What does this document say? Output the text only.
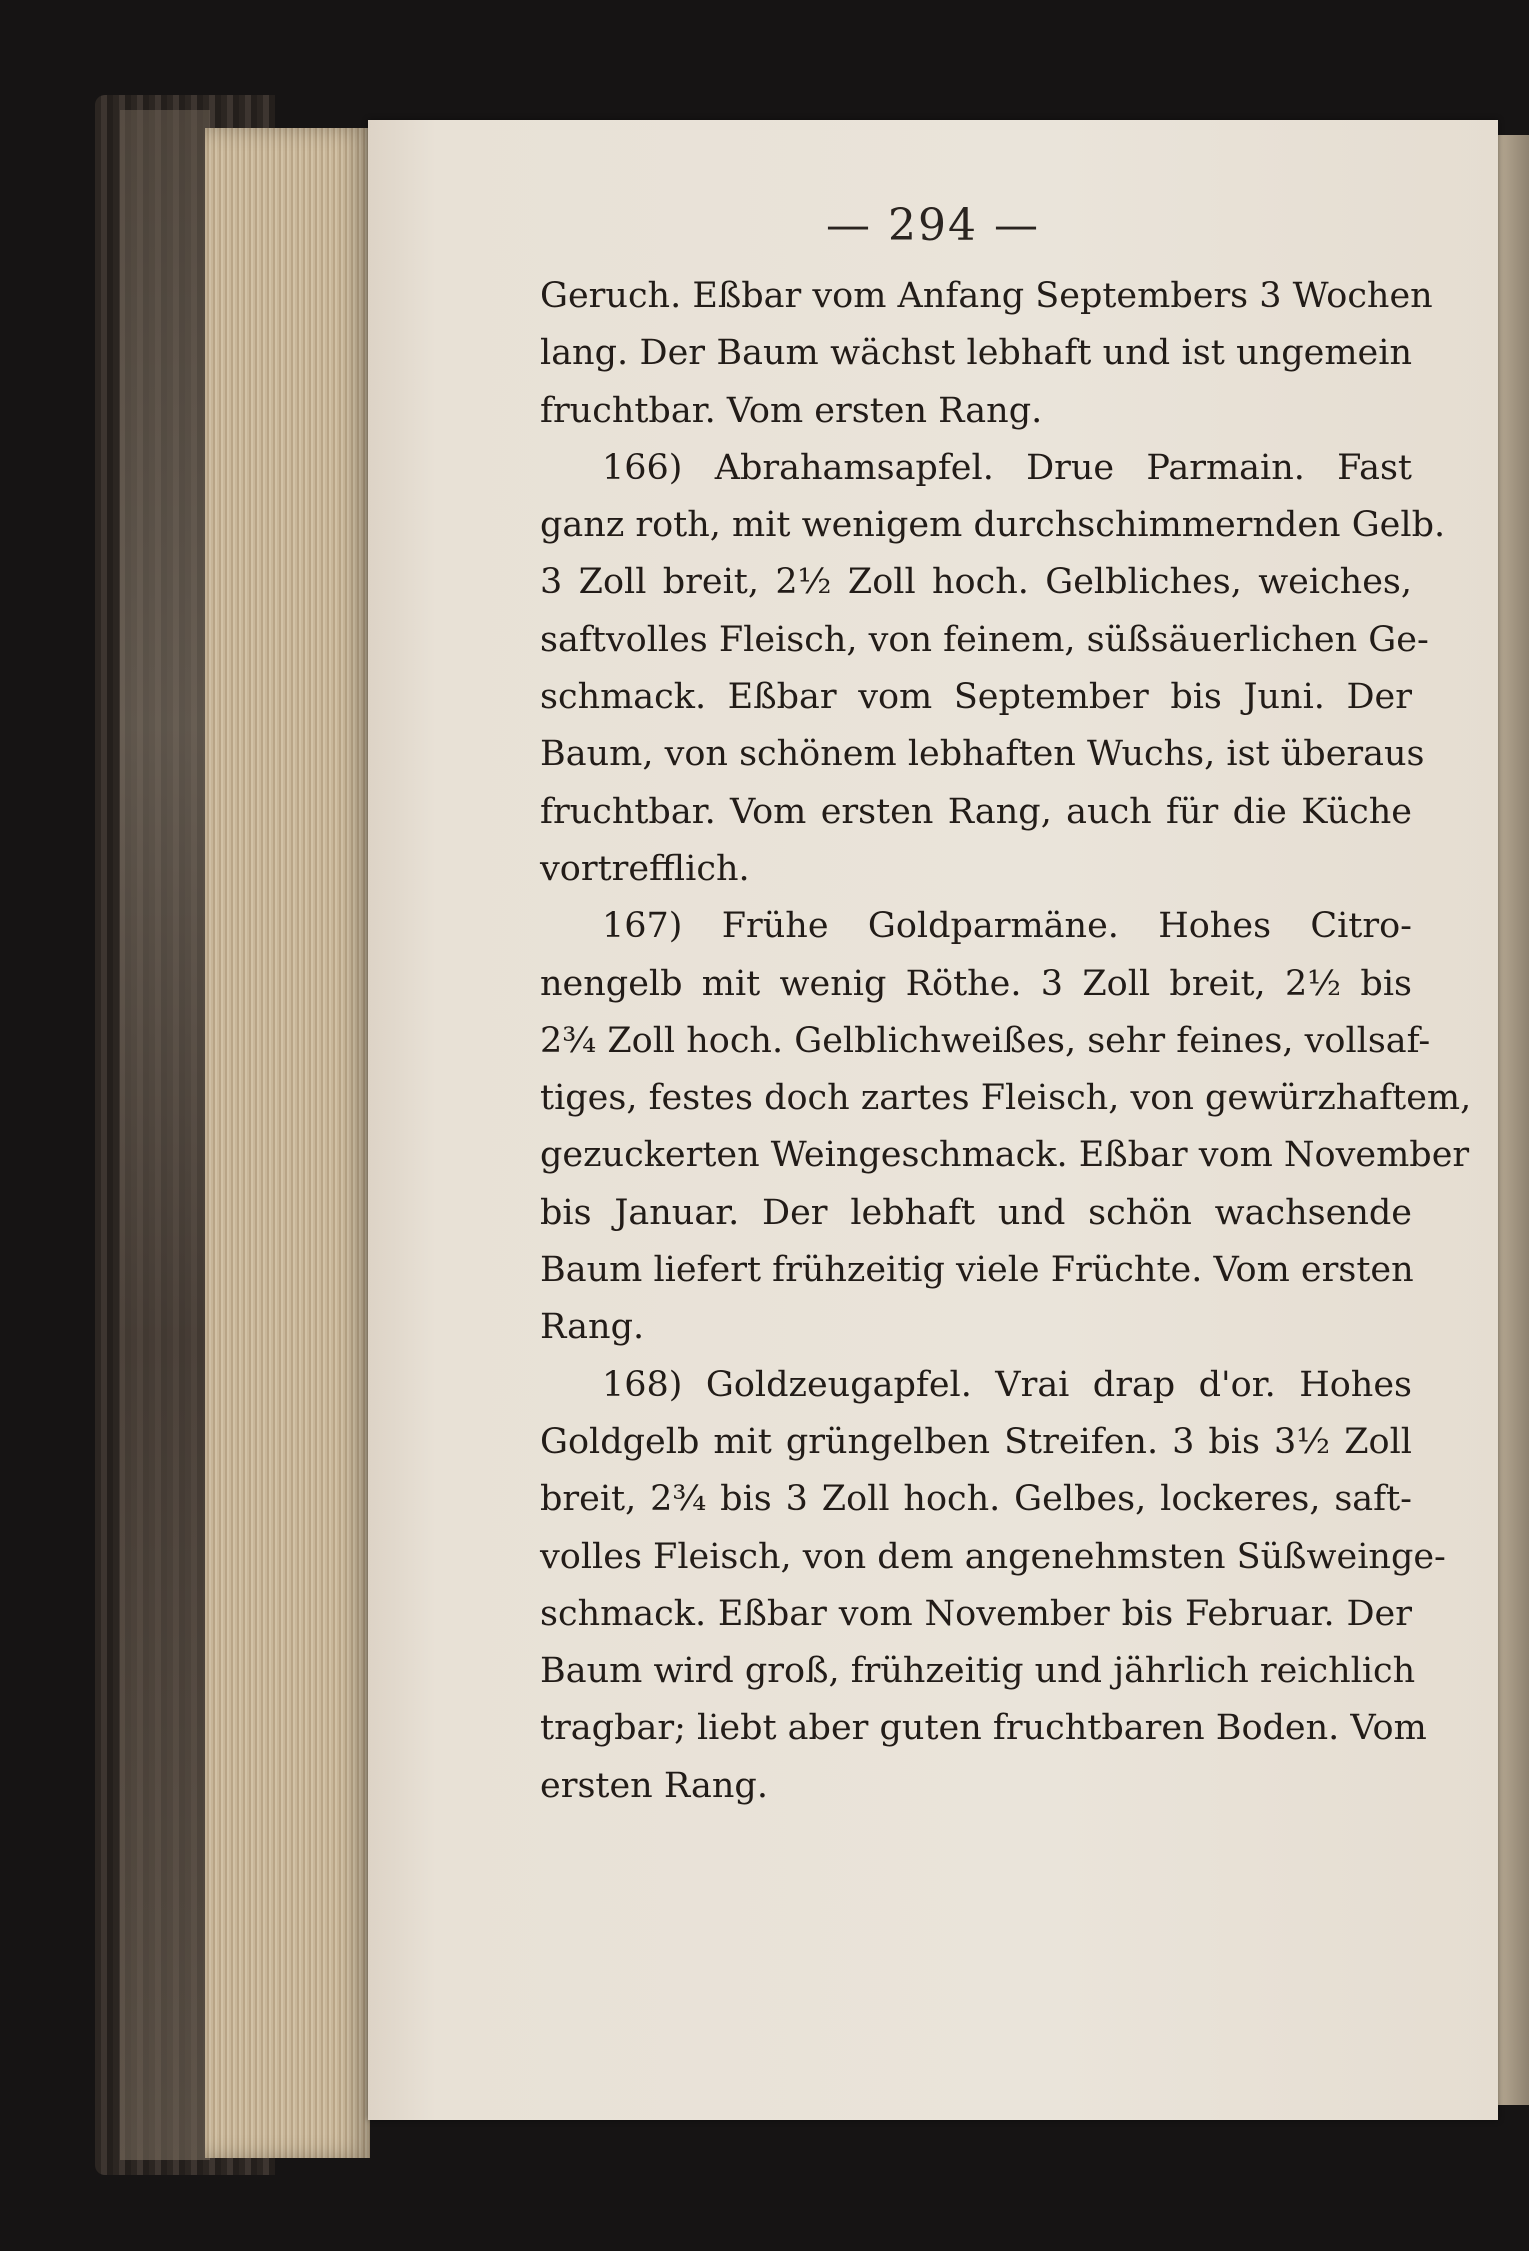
— 294 —
Geruch. Eßbar vom Anfang Septembers 3 Wochen
lang. Der Baum wächst lebhaft und ist ungemein
fruchtbar. Vom ersten Rang.
166) Abrahamsapfel. Drue Parmain. Fast
ganz roth, mit wenigem durchschimmernden Gelb.
3 Zoll breit, 2½ Zoll hoch. Gelbliches, weiches,
saftvolles Fleisch, von feinem, süßsäuerlichen Ge-
schmack. Eßbar vom September bis Juni. Der
Baum, von schönem lebhaften Wuchs, ist überaus
fruchtbar. Vom ersten Rang, auch für die Küche
vortrefflich.
167) Frühe Goldparmäne. Hohes Citro-
nengelb mit wenig Röthe. 3 Zoll breit, 2½ bis
2¾ Zoll hoch. Gelblichweißes, sehr feines, vollsaf-
tiges, festes doch zartes Fleisch, von gewürzhaftem,
gezuckerten Weingeschmack. Eßbar vom November
bis Januar. Der lebhaft und schön wachsende
Baum liefert frühzeitig viele Früchte. Vom ersten
Rang.
168) Goldzeugapfel. Vrai drap d'or. Hohes
Goldgelb mit grüngelben Streifen. 3 bis 3½ Zoll
breit, 2¾ bis 3 Zoll hoch. Gelbes, lockeres, saft-
volles Fleisch, von dem angenehmsten Süßweinge-
schmack. Eßbar vom November bis Februar. Der
Baum wird groß, frühzeitig und jährlich reichlich
tragbar; liebt aber guten fruchtbaren Boden. Vom
ersten Rang.
